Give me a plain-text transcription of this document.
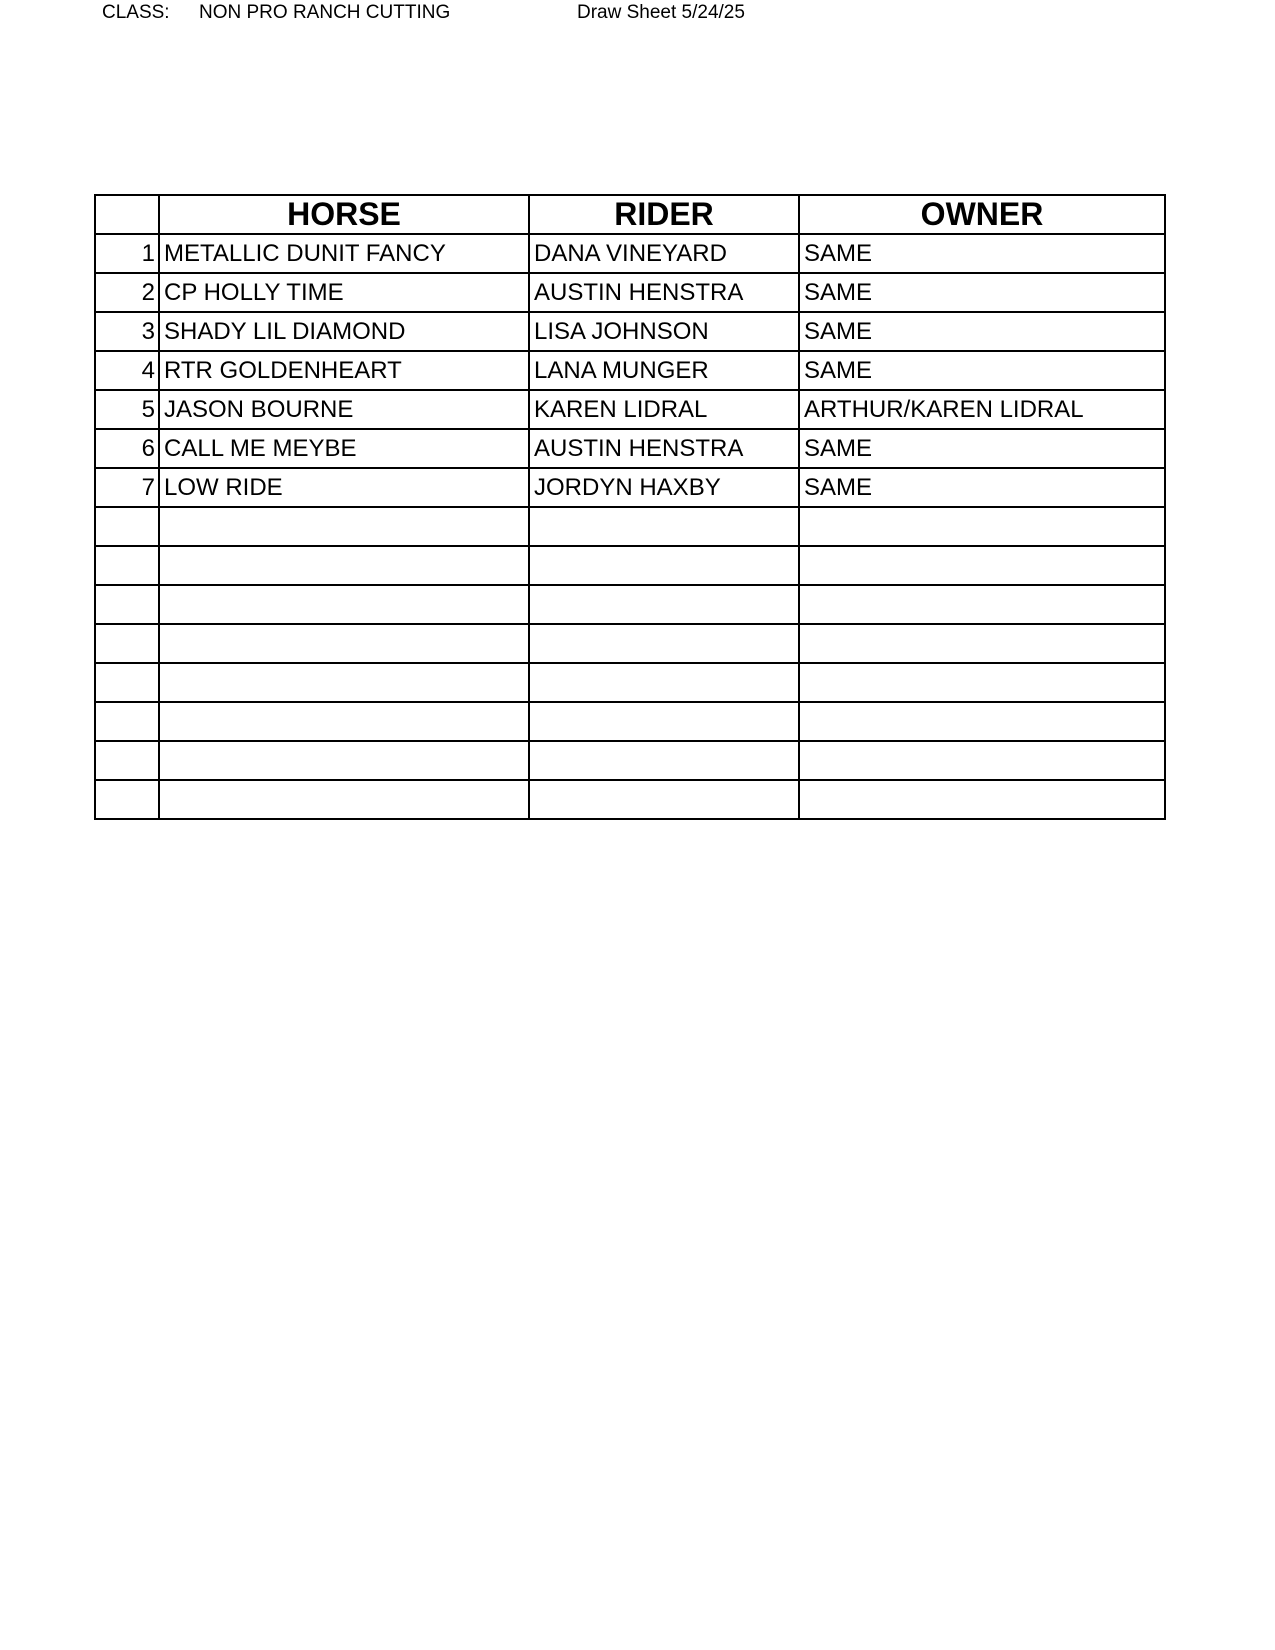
CLASS: NON PRO RANCH CUTTING	Draw Sheet 5/24/25
	HORSE	RIDER	OWNER
1	METALLIC DUNIT FANCY	DANA VINEYARD	SAME
2	CP HOLLY TIME	AUSTIN HENSTRA	SAME
3	SHADY LIL DIAMOND	LISA JOHNSON	SAME
4	RTR GOLDENHEART	LANA MUNGER	SAME
5	JASON BOURNE	KAREN LIDRAL	ARTHUR/KAREN LIDRAL
6	CALL ME MEYBE	AUSTIN HENSTRA	SAME
7	LOW RIDE	JORDYN HAXBY	SAME
